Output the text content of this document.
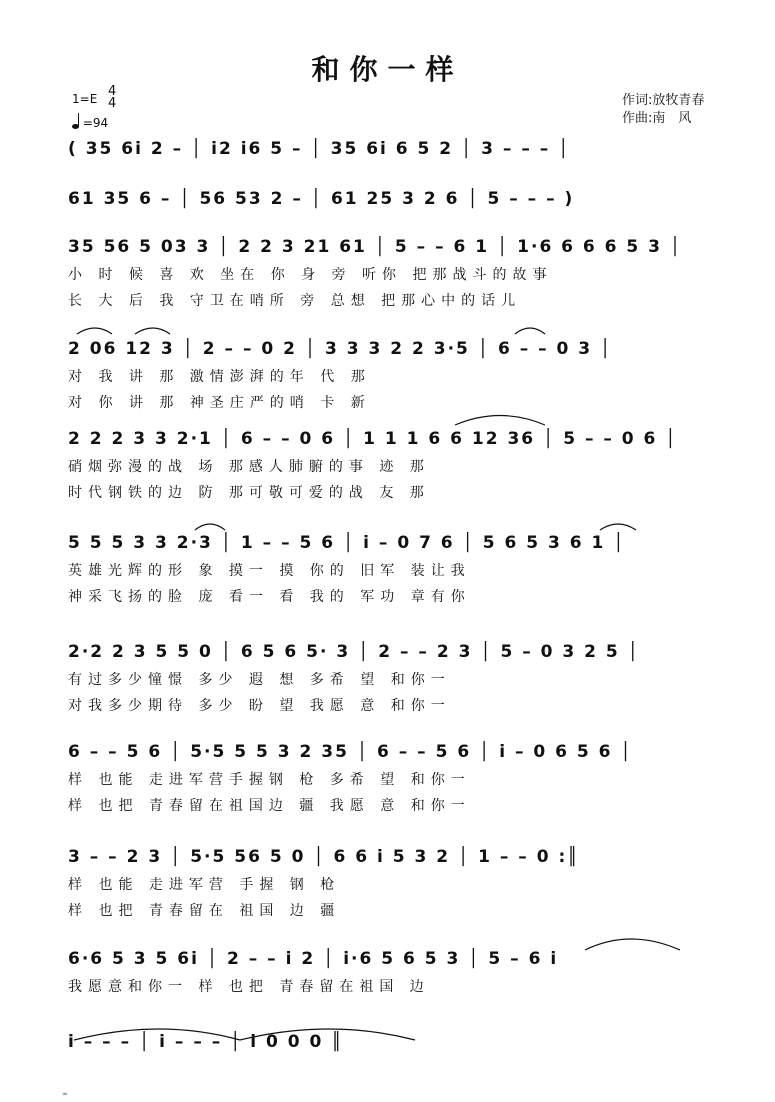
和你一样
1=E 4
4
=94
作词:放牧青春
作曲:南　风
( 35 6i 2 – │ i2 i6 5 – │ 35 6i 6 5 2 │ 3 – – – │
61 35 6 – │ 56 53 2 – │ 61 25 3 2 6 │ 5 – – – )
35 56 5 03 3 │ 2 2 3 21 61 │ 5 – – 6 1 │ 1·6 6 6 6 5 3 │
小 时 候 喜 欢 坐在 你 身 旁 听你 把那战斗的故事
长 大 后 我 守卫在哨所 旁 总想 把那心中的话儿
2 06 12 3 │ 2 – – 0 2 │ 3 3 3 2 2 3·5 │ 6 – – 0 3 │
对 我 讲 那 激情澎湃的年 代 那
对 你 讲 那 神圣庄严的哨 卡 新
2 2 2 3 3 2·1 │ 6 – – 0 6 │ 1 1 1 6 6 12 36 │ 5 – – 0 6 │
硝烟弥漫的战 场 那感人肺腑的事 迹 那
时代钢铁的边 防 那可敬可爱的战 友 那
5 5 5 3 3 2·3 │ 1 – – 5 6 │ i – 0 7 6 │ 5 6 5 3 6 1 │
英雄光辉的形 象 摸一 摸 你的 旧军 装让我
神采飞扬的脸 庞 看一 看 我的 军功 章有你
2·2 2 3 5 5 0 │ 6 5 6 5· 3 │ 2 – – 2 3 │ 5 – 0 3 2 5 │
有过多少憧憬 多少 遐 想 多希 望 和你一
对我多少期待 多少 盼 望 我愿 意 和你一
6 – – 5 6 │ 5·5 5 5 3 2 35 │ 6 – – 5 6 │ i – 0 6 5 6 │
样 也能 走进军营手握钢 枪 多希 望 和你一
样 也把 青春留在祖国边 疆 我愿 意 和你一
3 – – 2 3 │ 5·5 56 5 0 │ 6 6 i 5 3 2 │ 1 – – 0 :║
样 也能 走进军营 手握 钢 枪
样 也把 青春留在 祖国 边 疆
6·6 5 3 5 6i │ 2 – – i 2 │ i·6 5 6 5 3 │ 5 – 6 i
我愿意和你一 样 也把 青春留在祖国 边
i – – – │ i – – – │ i 0 0 0 ║
∞
